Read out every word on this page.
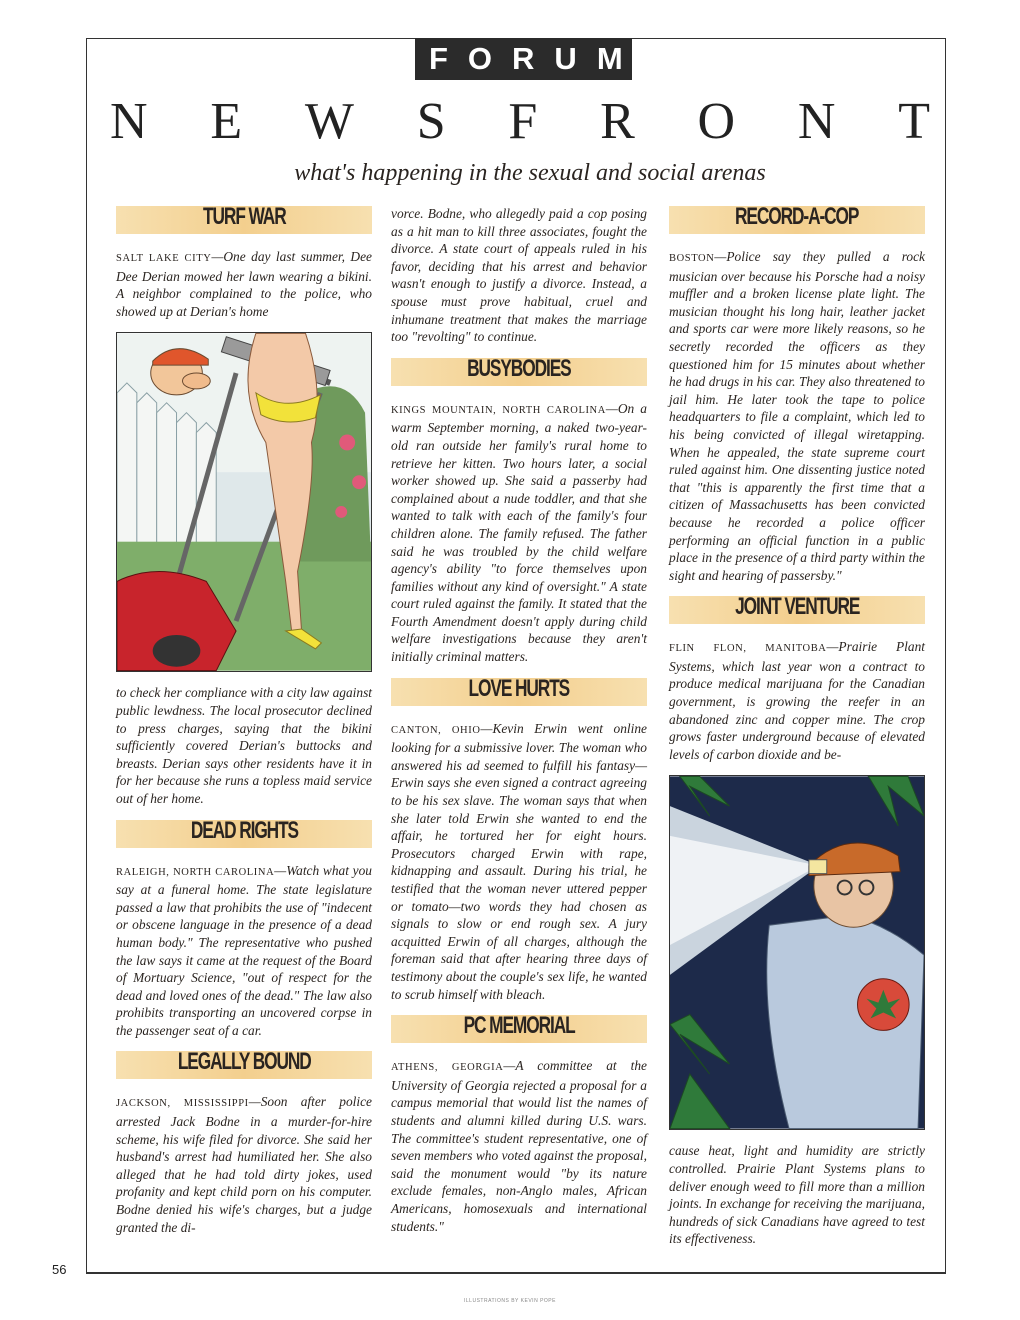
FORUM
N E W S F R O N T
what's happening in the sexual and social arenas
TURF WAR

SALT LAKE CITY—One day last summer, Dee Dee Derian mowed her lawn wearing a bikini. A neighbor complained to the police, who showed up at Derian's home

to check her compliance with a city law against public lewdness. The local prosecutor declined to press charges, saying that the bikini sufficiently covered Derian's buttocks and breasts. Derian says other residents have it in for her because she runs a topless maid service out of her home.

DEAD RIGHTS

RALEIGH, NORTH CAROLINA—Watch what you say at a funeral home. The state legislature passed a law that prohibits the use of "indecent or obscene language in the presence of a dead human body." The representative who pushed the law says it came at the request of the Board of Mortuary Science, "out of respect for the dead and loved ones of the dead." The law also prohibits transporting an uncovered corpse in the passenger seat of a car.

LEGALLY BOUND

JACKSON, MISSISSIPPI—Soon after police arrested Jack Bodne in a murder-for-hire scheme, his wife filed for divorce. She said her husband's arrest had humiliated her. She also alleged that he had told dirty jokes, used profanity and kept child porn on his computer. Bodne denied his wife's charges, but a judge granted the di-

vorce. Bodne, who allegedly paid a cop posing as a hit man to kill three associates, fought the divorce. A state court of appeals ruled in his favor, deciding that his arrest and behavior wasn't enough to justify a divorce. Instead, a spouse must prove habitual, cruel and inhumane treatment that makes the marriage too "revolting" to continue.

BUSYBODIES

KINGS MOUNTAIN, NORTH CAROLINA—On a warm September morning, a naked two-year-old ran outside her family's rural home to retrieve her kitten. Two hours later, a social worker showed up. She said a passerby had complained about a nude toddler, and that she wanted to talk with each of the family's four children alone. The family refused. The father said he was troubled by the child welfare agency's ability "to force themselves upon families without any kind of oversight." A state court ruled against the family. It stated that the Fourth Amendment doesn't apply during child welfare investigations because they aren't initially criminal matters.

LOVE HURTS

CANTON, OHIO—Kevin Erwin went online looking for a submissive lover. The woman who answered his ad seemed to fulfill his fantasy—Erwin says she even signed a contract agreeing to be his sex slave. The woman says that when she later told Erwin she wanted to end the affair, he tortured her for eight hours. Prosecutors charged Erwin with rape, kidnapping and assault. During his trial, he testified that the woman never uttered pepper or tomato—two words they had chosen as signals to slow or end rough sex. A jury acquitted Erwin of all charges, although the foreman said that after hearing three days of testimony about the couple's sex life, he wanted to scrub himself with bleach.

PC MEMORIAL

ATHENS, GEORGIA—A committee at the University of Georgia rejected a proposal for a campus memorial that would list the names of students and alumni killed during U.S. wars. The committee's student representative, one of seven members who voted against the proposal, said the monument would "by its nature exclude females, non-Anglo males, African Americans, homosexuals and international students."

RECORD-A-COP

BOSTON—Police say they pulled a rock musician over because his Porsche had a noisy muffler and a broken license plate light. The musician thought his long hair, leather jacket and sports car were more likely reasons, so he secretly recorded the officers as they questioned him for 15 minutes about whether he had drugs in his car. They also threatened to jail him. He later took the tape to police headquarters to file a complaint, which led to his being convicted of illegal wiretapping. When he appealed, the state supreme court ruled against him. One dissenting justice noted that "this is apparently the first time that a citizen of Massachusetts has been convicted because he recorded a police officer performing an official function in a public place in the presence of a third party within the sight and hearing of passersby."

JOINT VENTURE

FLIN FLON, MANITOBA—Prairie Plant Systems, which last year won a contract to produce medical marijuana for the Canadian government, is growing the reefer in an abandoned zinc and copper mine. The crop grows faster underground because of elevated levels of carbon dioxide and be-

cause heat, light and humidity are strictly controlled. Prairie Plant Systems plans to deliver enough weed to fill more than a million joints. In exchange for receiving the marijuana, hundreds of sick Canadians have agreed to test its effectiveness.

56
ILLUSTRATIONS BY KEVIN POPE
